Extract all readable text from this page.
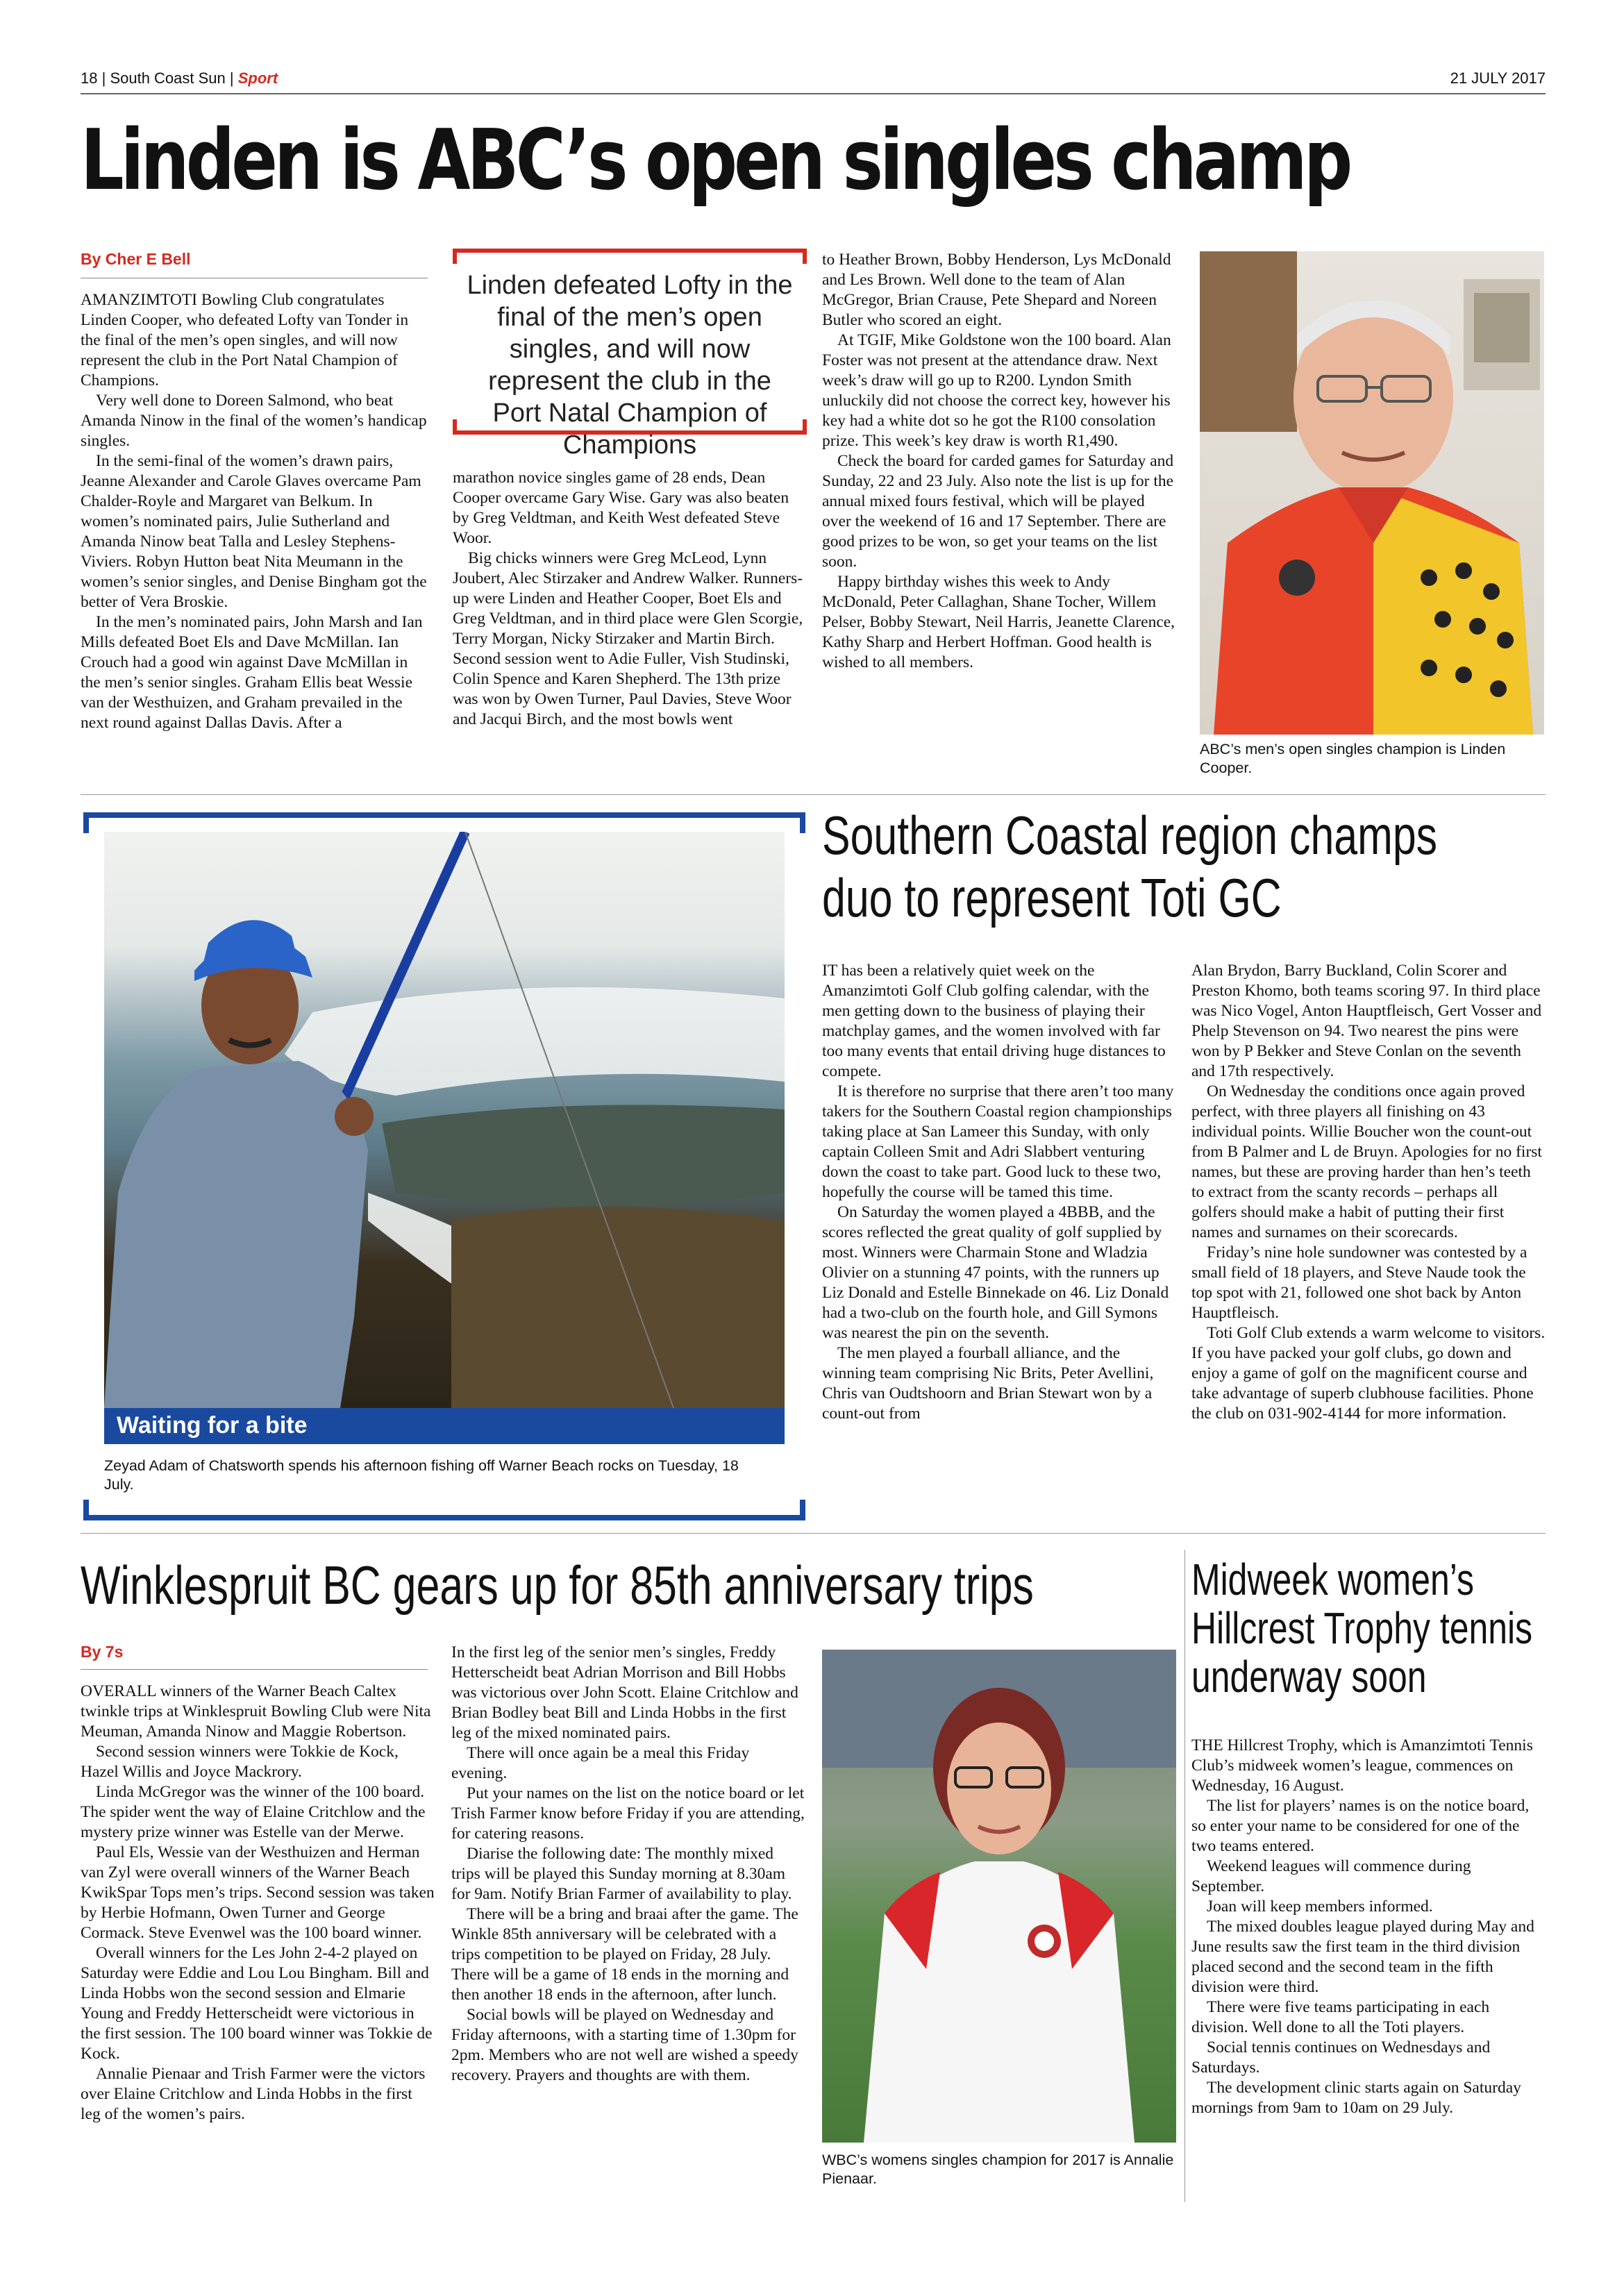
18 | South Coast Sun | Sport	21 JULY 2017
Linden is ABC’s open singles champ
By Cher E Bell

AMANZIMTOTI Bowling Club congratulates Linden Cooper, who defeated Lofty van Tonder in the final of the men’s open singles, and will now represent the club in the Port Natal Champion of Champions.

Very well done to Doreen Salmond, who beat Amanda Ninow in the final of the women’s handicap singles.

In the semi-final of the women’s drawn pairs, Jeanne Alexander and Carole Glaves overcame Pam Chalder-Royle and Margaret van Belkum. In women’s nominated pairs, Julie Sutherland and Amanda Ninow beat Talla and Lesley Stephens-Viviers. Robyn Hutton beat Nita Meumann in the women’s senior singles, and Denise Bingham got the better of Vera Broskie.

In the men’s nominated pairs, John Marsh and Ian Mills defeated Boet Els and Dave McMillan. Ian Crouch had a good win against Dave McMillan in the men’s senior singles. Graham Ellis beat Wessie van der Westhuizen, and Graham prevailed in the next round against Dallas Davis. After a

Linden defeated Lofty in the final of the men’s open singles, and will now represent the club in the Port Natal Champion of Champions

marathon novice singles game of 28 ends, Dean Cooper overcame Gary Wise. Gary was also beaten by Greg Veldtman, and Keith West defeated Steve Woor.

Big chicks winners were Greg McLeod, Lynn Joubert, Alec Stirzaker and Andrew Walker. Runners-up were Linden and Heather Cooper, Boet Els and Greg Veldtman, and in third place were Glen Scorgie, Terry Morgan, Nicky Stirzaker and Martin Birch. Second session went to Adie Fuller, Vish Studinski, Colin Spence and Karen Shepherd. The 13th prize was won by Owen Turner, Paul Davies, Steve Woor and Jacqui Birch, and the most bowls went

to Heather Brown, Bobby Henderson, Lys McDonald and Les Brown. Well done to the team of Alan McGregor, Brian Crause, Pete Shepard and Noreen Butler who scored an eight.

At TGIF, Mike Goldstone won the 100 board. Alan Foster was not present at the attendance draw. Next week’s draw will go up to R200. Lyndon Smith unluckily did not choose the correct key, however his key had a white dot so he got the R100 consolation prize. This week’s key draw is worth R1,490.

Check the board for carded games for Saturday and Sunday, 22 and 23 July. Also note the list is up for the annual mixed fours festival, which will be played over the weekend of 16 and 17 September. There are good prizes to be won, so get your teams on the list soon.

Happy birthday wishes this week to Andy McDonald, Peter Callaghan, Shane Tocher, Willem Pelser, Bobby Stewart, Neil Harris, Jeanette Clarence, Kathy Sharp and Herbert Hoffman. Good health is wished to all members.

ABC’s men’s open singles champion is Linden Cooper.
Waiting for a bite
Zeyad Adam of Chatsworth spends his afternoon fishing off Warner Beach rocks on Tuesday, 18 July.
Southern Coastal region champs
duo to represent Toti GC

IT has been a relatively quiet week on the Amanzimtoti Golf Club golfing calendar, with the men getting down to the business of playing their matchplay games, and the women involved with far too many events that entail driving huge distances to compete.

It is therefore no surprise that there aren’t too many takers for the Southern Coastal region championships taking place at San Lameer this Sunday, with only captain Colleen Smit and Adri Slabbert venturing down the coast to take part. Good luck to these two, hopefully the course will be tamed this time.

On Saturday the women played a 4BBB, and the scores reflected the great quality of golf supplied by most. Winners were Charmain Stone and Wladzia Olivier on a stunning 47 points, with the runners up Liz Donald and Estelle Binnekade on 46. Liz Donald had a two-club on the fourth hole, and Gill Symons was nearest the pin on the seventh.

The men played a fourball alliance, and the winning team comprising Nic Brits, Peter Avellini, Chris van Oudtshoorn and Brian Stewart won by a count-out from

Alan Brydon, Barry Buckland, Colin Scorer and Preston Khomo, both teams scoring 97. In third place was Nico Vogel, Anton Hauptfleisch, Gert Vosser and Phelp Stevenson on 94. Two nearest the pins were won by P Bekker and Steve Conlan on the seventh and 17th respectively.

On Wednesday the conditions once again proved perfect, with three players all finishing on 43 individual points. Willie Boucher won the count-out from B Palmer and L de Bruyn. Apologies for no first names, but these are proving harder than hen’s teeth to extract from the scanty records – perhaps all golfers should make a habit of putting their first names and surnames on their scorecards.

Friday’s nine hole sundowner was contested by a small field of 18 players, and Steve Naude took the top spot with 21, followed one shot back by Anton Hauptfleisch.

Toti Golf Club extends a warm welcome to visitors. If you have packed your golf clubs, go down and enjoy a game of golf on the magnificent course and take advantage of superb clubhouse facilities. Phone the club on 031-902-4144 for more information.

Winklespruit BC gears up for 85th anniversary trips
By 7s

OVERALL winners of the Warner Beach Caltex twinkle trips at Winklespruit Bowling Club were Nita Meuman, Amanda Ninow and Maggie Robertson.

Second session winners were Tokkie de Kock, Hazel Willis and Joyce Mackrory.

Linda McGregor was the winner of the 100 board. The spider went the way of Elaine Critchlow and the mystery prize winner was Estelle van der Merwe.

Paul Els, Wessie van der Westhuizen and Herman van Zyl were overall winners of the Warner Beach KwikSpar Tops men’s trips. Second session was taken by Herbie Hofmann, Owen Turner and George Cormack. Steve Evenwel was the 100 board winner.

Overall winners for the Les John 2-4-2 played on Saturday were Eddie and Lou Lou Bingham. Bill and Linda Hobbs won the second session and Elmarie Young and Freddy Hetterscheidt were victorious in the first session. The 100 board winner was Tokkie de Kock.

Annalie Pienaar and Trish Farmer were the victors over Elaine Critchlow and Linda Hobbs in the first leg of the women’s pairs.

In the first leg of the senior men’s singles, Freddy Hetterscheidt beat Adrian Morrison and Bill Hobbs was victorious over John Scott. Elaine Critchlow and Brian Bodley beat Bill and Linda Hobbs in the first leg of the mixed nominated pairs.

There will once again be a meal this Friday evening.

Put your names on the list on the notice board or let Trish Farmer know before Friday if you are attending, for catering reasons.

Diarise the following date: The monthly mixed trips will be played this Sunday morning at 8.30am for 9am. Notify Brian Farmer of availability to play.

There will be a bring and braai after the game. The Winkle 85th anniversary will be celebrated with a trips competition to be played on Friday, 28 July. There will be a game of 18 ends in the morning and then another 18 ends in the afternoon, after lunch.

Social bowls will be played on Wednesday and Friday afternoons, with a starting time of 1.30pm for 2pm. Members who are not well are wished a speedy recovery. Prayers and thoughts are with them.

WBC’s womens singles champion for 2017 is Annalie Pienaar.
Midweek women’s
Hillcrest Trophy tennis
underway soon

THE Hillcrest Trophy, which is Amanzimtoti Tennis Club’s midweek women’s league, commences on Wednesday, 16 August.

The list for players’ names is on the notice board, so enter your name to be considered for one of the two teams entered.

Weekend leagues will commence during September.

Joan will keep members informed.

The mixed doubles league played during May and June results saw the first team in the third division placed second and the second team in the fifth division were third.

There were five teams participating in each division. Well done to all the Toti players.

Social tennis continues on Wednesdays and Saturdays.

The development clinic starts again on Saturday mornings from 9am to 10am on 29 July.
